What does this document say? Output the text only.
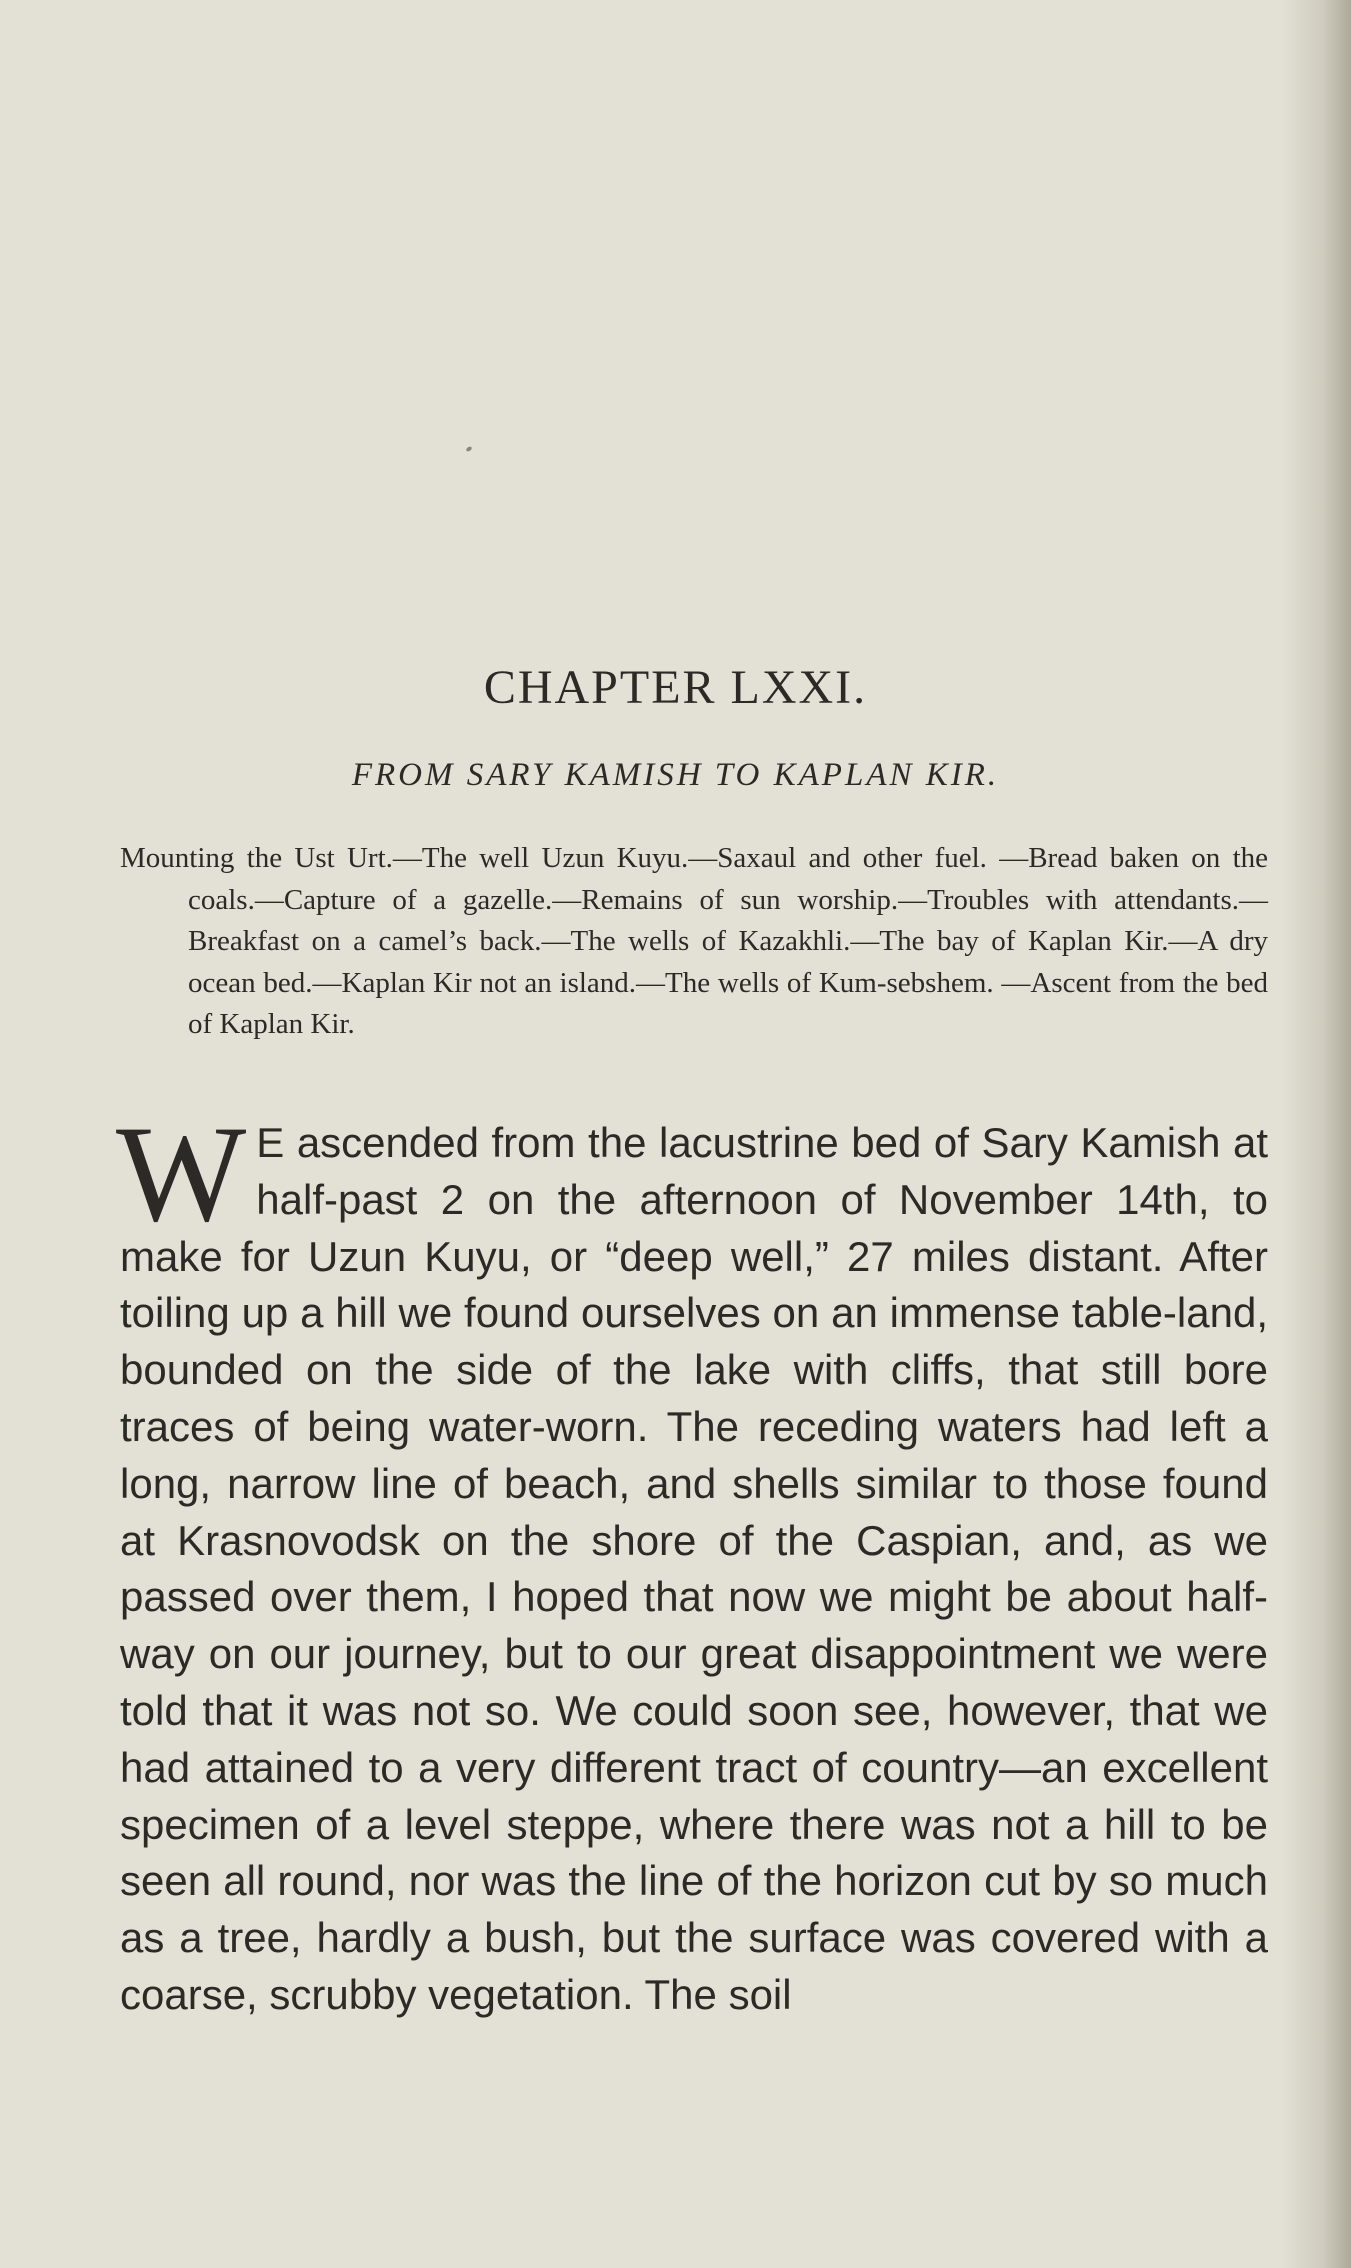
CHAPTER LXXI.
FROM SARY KAMISH TO KAPLAN KIR.
Mounting the Ust Urt.—The well Uzun Kuyu.—Saxaul and other fuel. —Bread baken on the coals.—Capture of a gazelle.—Remains of sun worship.—Troubles with attendants.—Breakfast on a camel’s back.—The wells of Kazakhli.—The bay of Kaplan Kir.—A dry ocean bed.—Kaplan Kir not an island.—The wells of Kum-sebshem. —Ascent from the bed of Kaplan Kir.
W E ascended from the lacustrine bed of Sary Kamish at half-past 2 on the afternoon of November 14th, to make for Uzun Kuyu, or “deep well,” 27 miles distant. After toiling up a hill we found ourselves on an immense table-land, bounded on the side of the lake with cliffs, that still bore traces of being water-worn. The receding waters had left a long, narrow line of beach, and shells similar to those found at Krasnovodsk on the shore of the Caspian, and, as we passed over them, I hoped that now we might be about half-way on our journey, but to our great disappointment we were told that it was not so. We could soon see, however, that we had attained to a very different tract of country—an excellent specimen of a level steppe, where there was not a hill to be seen all round, nor was the line of the horizon cut by so much as a tree, hardly a bush, but the surface was covered with a coarse, scrubby vegetation. The soil
